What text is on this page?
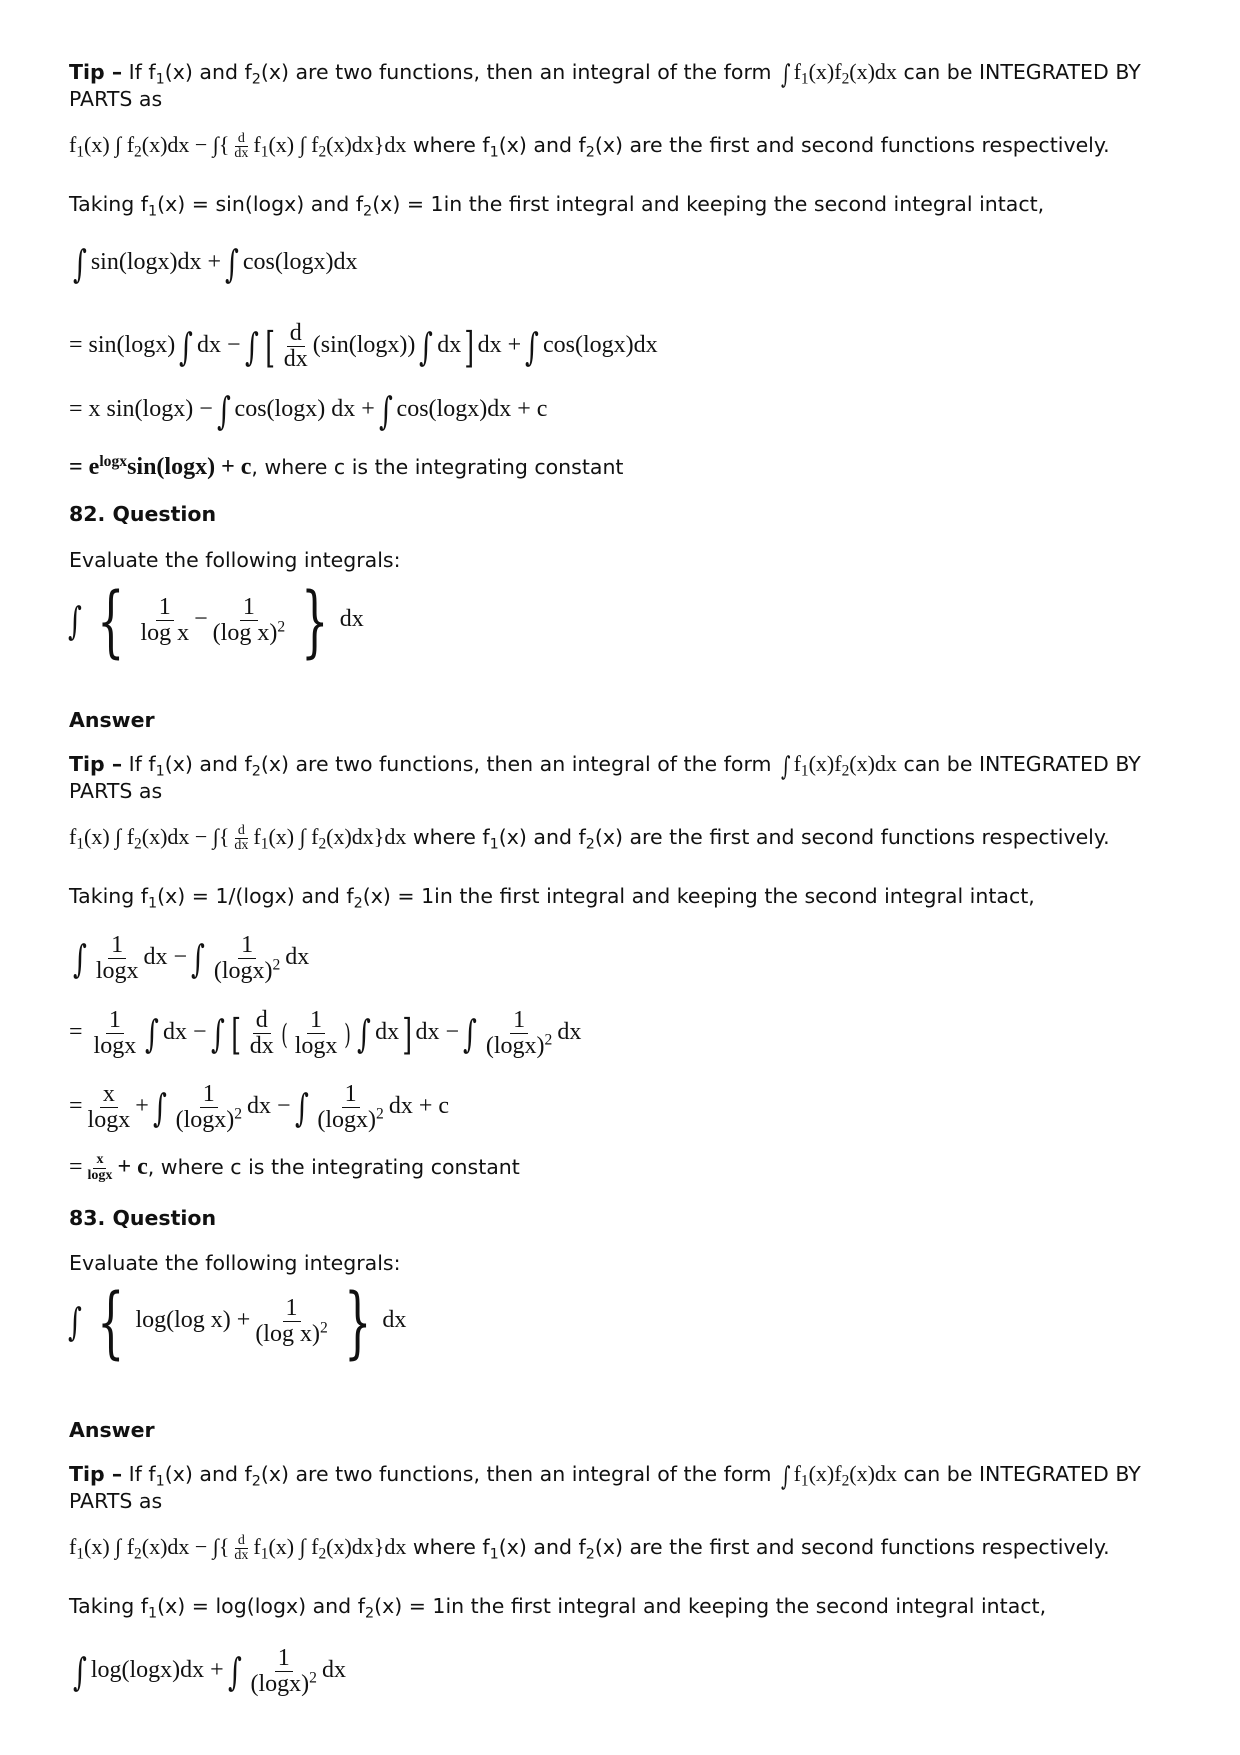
Tip – If $f_1(x)$ and $f_2(x)$ are two functions, then an integral of the form ∫ $f_1(x)f_2(x)dx$ can be INTEGRATED BY
PARTS as
$f_1(x)$ ∫ $f_2(x)dx$ − ∫{ $\frac{d}{dx} f_1(x)$ ∫ $f_2(x)dx\}dx$ where $f_1(x)$ and $f_2(x)$ are the first and second functions respectively.
Taking $f_1(x) = \sin(\log x)$ and $f_2(x) = 1in$ the first integral and keeping the second integral intact,
∫ sin(logx)dx + ∫ cos(logx)dx
= sin(logx) ∫ dx − ∫ [ $\frac{d}{dx} (\sin(\log x))$ ∫ dx] dx + ∫ cos(logx)dx
= x sin(logx) − ∫ cos(logx) dx + ∫ cos(logx)dx + c
= $e^{logx}\sin(\log x) + c$, where c is the integrating constant
82. Question
Evaluate the following integrals:
∫ { $\frac{1}{\text{log x}} - \frac{1}{(\log x)^2}$ } dx
Answer
Tip – If $f_1(x)$ and $f_2(x)$ are two functions, then an integral of the form ∫ $f_1(x)f_2(x)dx$ can be INTEGRATED BY
PARTS as
$f_1(x)$ ∫ $f_2(x)dx$ − ∫{ $\frac{d}{dx} f_1(x)$ ∫ $f_2(x)dx\}dx$ where $f_1(x)$ and $f_2(x)$ are the first and second functions respectively.
Taking $f_1(x) = 1/(\log x)$ and $f_2(x) = 1in$ the first integral and keeping the second integral intact,
∫ $\frac{1}{\log x}$ dx − ∫ $\frac{1}{(\log x)^2}$ dx
= $\frac{1}{\log x}$ ∫ dx − ∫ [ $\frac{d}{dx}$ ( $\frac{1}{\log x}$ ) ∫ dx] dx − ∫ $\frac{1}{(\log x)^2}$ dx
= $\frac{x}{\log x}$ + ∫ $\frac{1}{(\log x)^2}$ dx − ∫ $\frac{1}{(\log x)^2}$ dx + c
= $\frac{x}{\log x} + c$, where c is the integrating constant
83. Question
Evaluate the following integrals:
∫ { log(log $x) + \frac{1}{(\log x)^2}$ } dx
Answer
Tip – If $f_1(x)$ and $f_2(x)$ are two functions, then an integral of the form ∫ $f_1(x)f_2(x)dx$ can be INTEGRATED BY
PARTS as
$f_1(x)$ ∫ $f_2(x)dx$ − ∫{ $\frac{d}{dx} f_1(x)$ ∫ $f_2(x)dx\}dx$ where $f_1(x)$ and $f_2(x)$ are the first and second functions respectively.
Taking $f_1(x) = \log(\log x)$ and $f_2(x) = 1in$ the first integral and keeping the second integral intact,
∫ log(logx)dx + ∫ $\frac{1}{(\log x)^2}$ dx
